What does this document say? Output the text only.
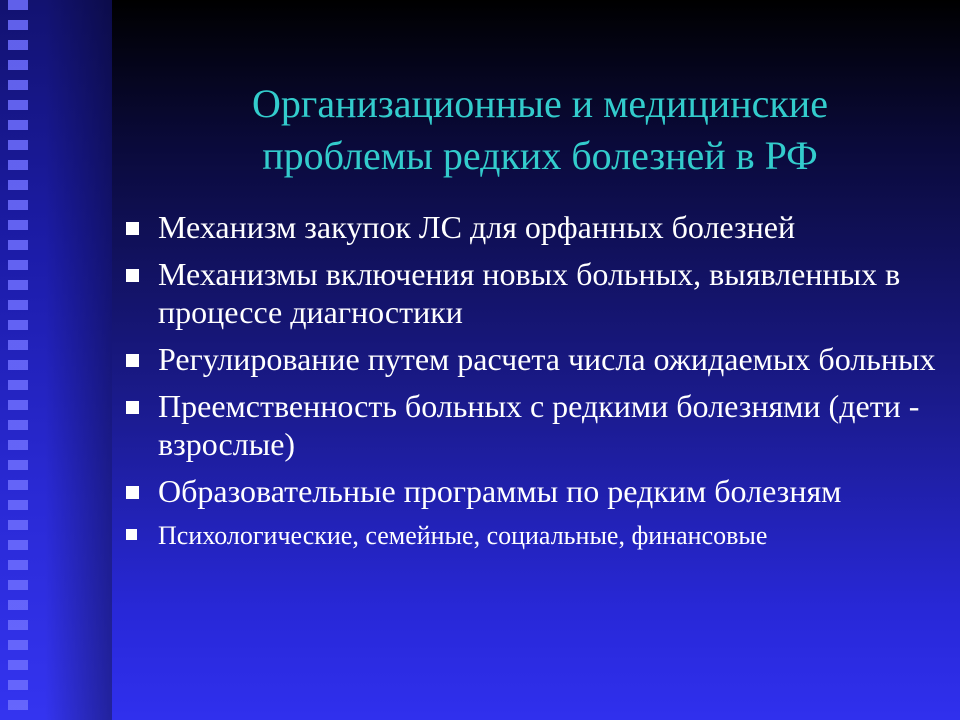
Организационные и медицинские
проблемы редких болезней в РФ
Механизм закупок ЛС для орфанных болезней
Механизмы включения новых больных, выявленных в процессе диагностики
Регулирование путем расчета числа ожидаемых больных
Преемственность больных с редкими болезнями (дети - взрослые)
Образовательные программы по редким болезням
Психологические, семейные, социальные, финансовые
